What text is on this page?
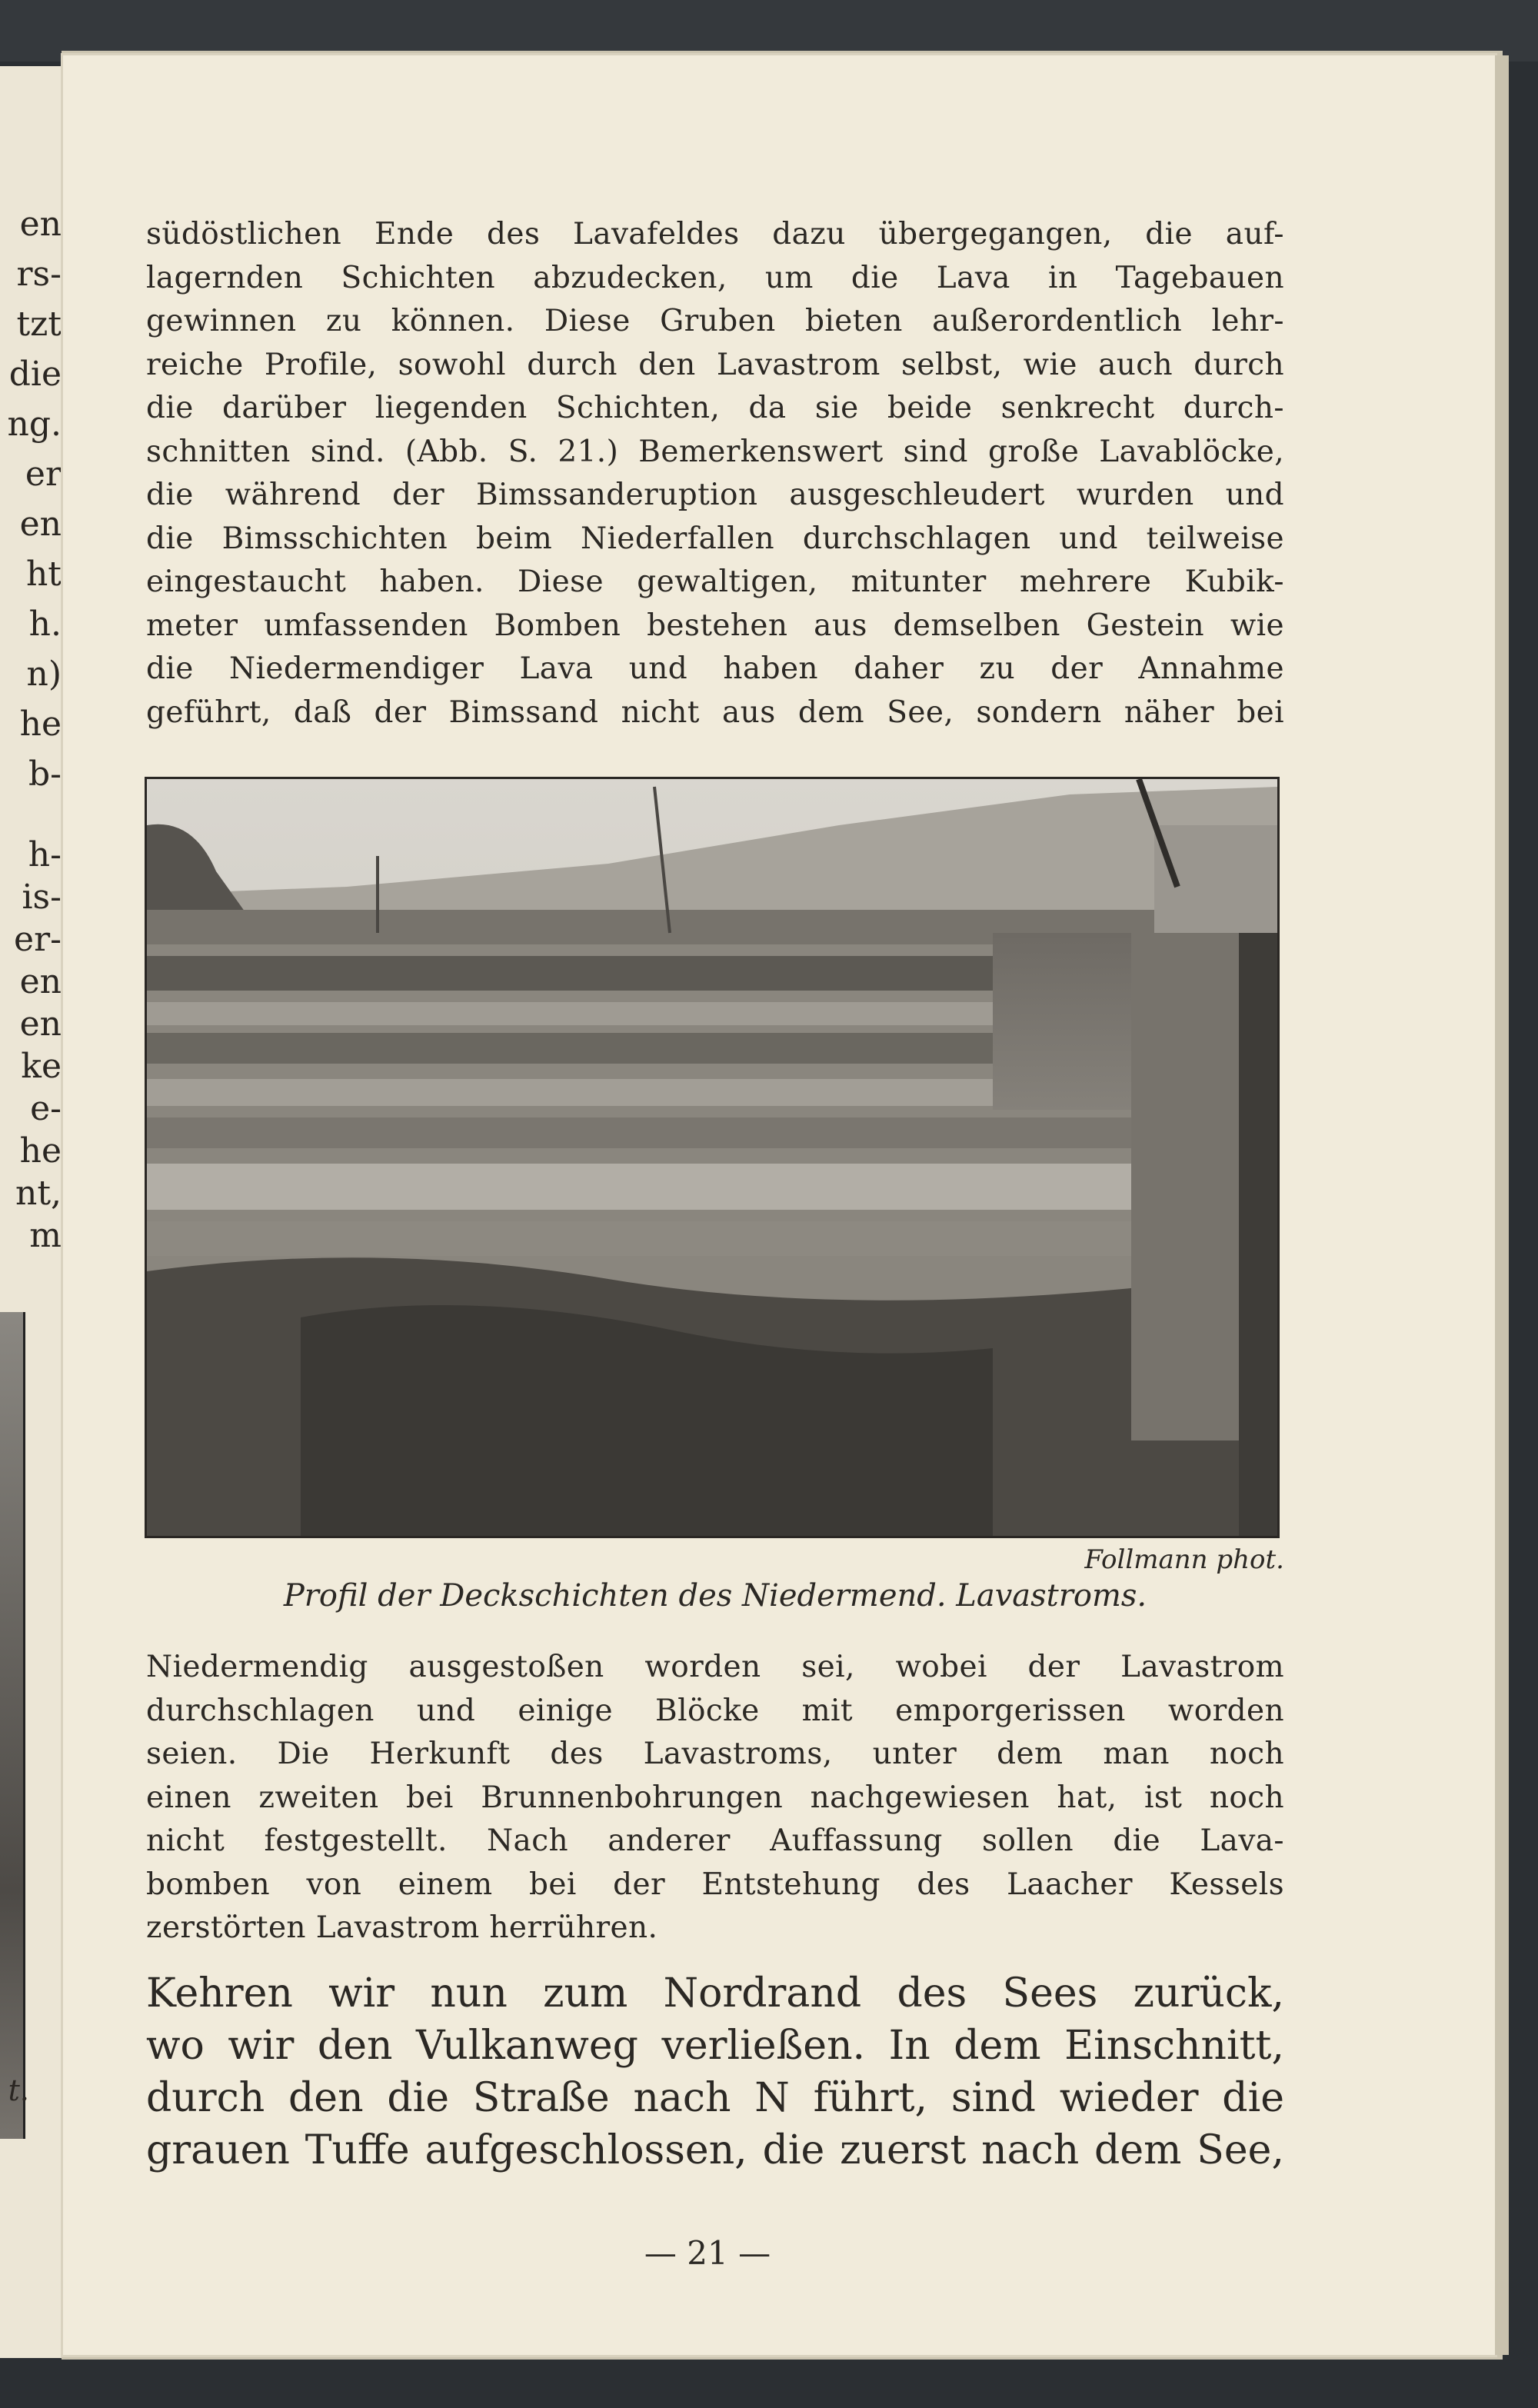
en
rs-
tzt
die
ng.
er
en
ht
h.
n)
he
b-
h-
is-
er-
en
en
ke
e-
he
nt,
m
t.

südöstlichen Ende des Lavafeldes dazu übergegangen, die auf-
lagernden Schichten abzudecken, um die Lava in Tagebauen
gewinnen zu können. Diese Gruben bieten außerordentlich lehr-
reiche Profile, sowohl durch den Lavastrom selbst, wie auch durch
die darüber liegenden Schichten, da sie beide senkrecht durch-
schnitten sind. (Abb. S. 21.) Bemerkenswert sind große Lavablöcke,
die während der Bimssanderuption ausgeschleudert wurden und
die Bimsschichten beim Niederfallen durchschlagen und teilweise
eingestaucht haben. Diese gewaltigen, mitunter mehrere Kubik-
meter umfassenden Bomben bestehen aus demselben Gestein wie
die Niedermendiger Lava und haben daher zu der Annahme
geführt, daß der Bimssand nicht aus dem See, sondern näher bei

Follmann phot.
Profil der Deckschichten des Niedermend. Lavastroms.

Niedermendig ausgestoßen worden sei, wobei der Lavastrom
durchschlagen und einige Blöcke mit emporgerissen worden
seien. Die Herkunft des Lavastroms, unter dem man noch
einen zweiten bei Brunnenbohrungen nachgewiesen hat, ist noch
nicht festgestellt. Nach anderer Auffassung sollen die Lava-
bomben von einem bei der Entstehung des Laacher Kessels
zerstörten Lavastrom herrühren.

Kehren wir nun zum Nordrand des Sees zurück,
wo wir den Vulkanweg verließen. In dem Einschnitt,
durch den die Straße nach N führt, sind wieder die
grauen Tuffe aufgeschlossen, die zuerst nach dem See,

— 21 —
